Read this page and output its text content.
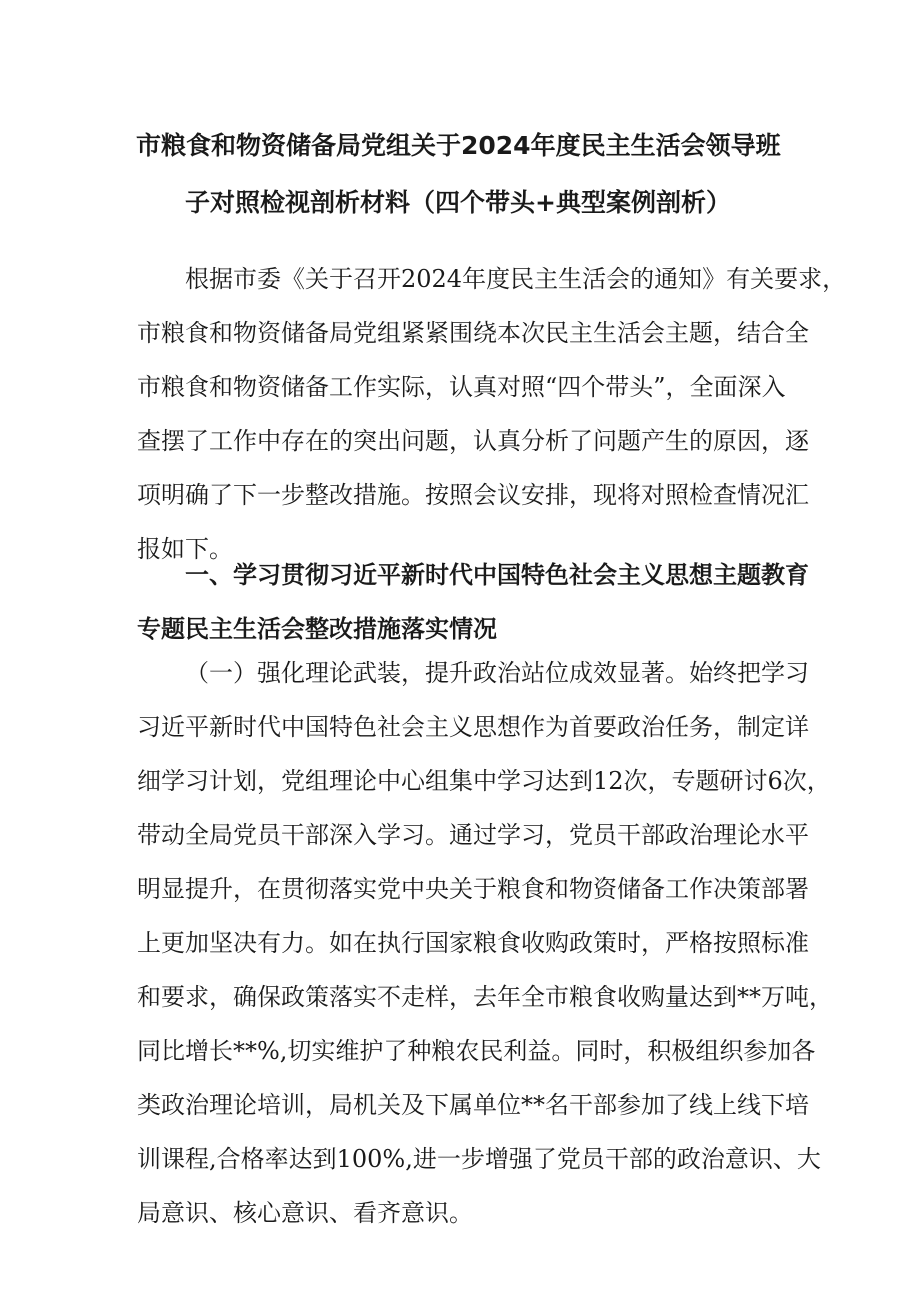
市粮食和物资储备局党组关于2024年度民主生活会领导班
子对照检视剖析材料（四个带头+典型案例剖析）
根据市委《关于召开2024年度民主生活会的通知》有关要求，
市粮食和物资储备局党组紧紧围绕本次民主生活会主题，结合全
市粮食和物资储备工作实际，认真对照“四个带头”，全面深入
查摆了工作中存在的突出问题，认真分析了问题产生的原因，逐
项明确了下一步整改措施。按照会议安排，现将对照检查情况汇
报如下。
一、学习贯彻习近平新时代中国特色社会主义思想主题教育
专题民主生活会整改措施落实情况
（一）强化理论武装，提升政治站位成效显著。始终把学习
习近平新时代中国特色社会主义思想作为首要政治任务，制定详
细学习计划，党组理论中心组集中学习达到12次，专题研讨6次，
带动全局党员干部深入学习。通过学习，党员干部政治理论水平
明显提升，在贯彻落实党中央关于粮食和物资储备工作决策部署
上更加坚决有力。如在执行国家粮食收购政策时，严格按照标准
和要求，确保政策落实不走样，去年全市粮食收购量达到**万吨，
同比增长**%,切实维护了种粮农民利益。同时，积极组织参加各
类政治理论培训，局机关及下属单位**名干部参加了线上线下培
训课程,合格率达到100%,进一步增强了党员干部的政治意识、大
局意识、核心意识、看齐意识。
